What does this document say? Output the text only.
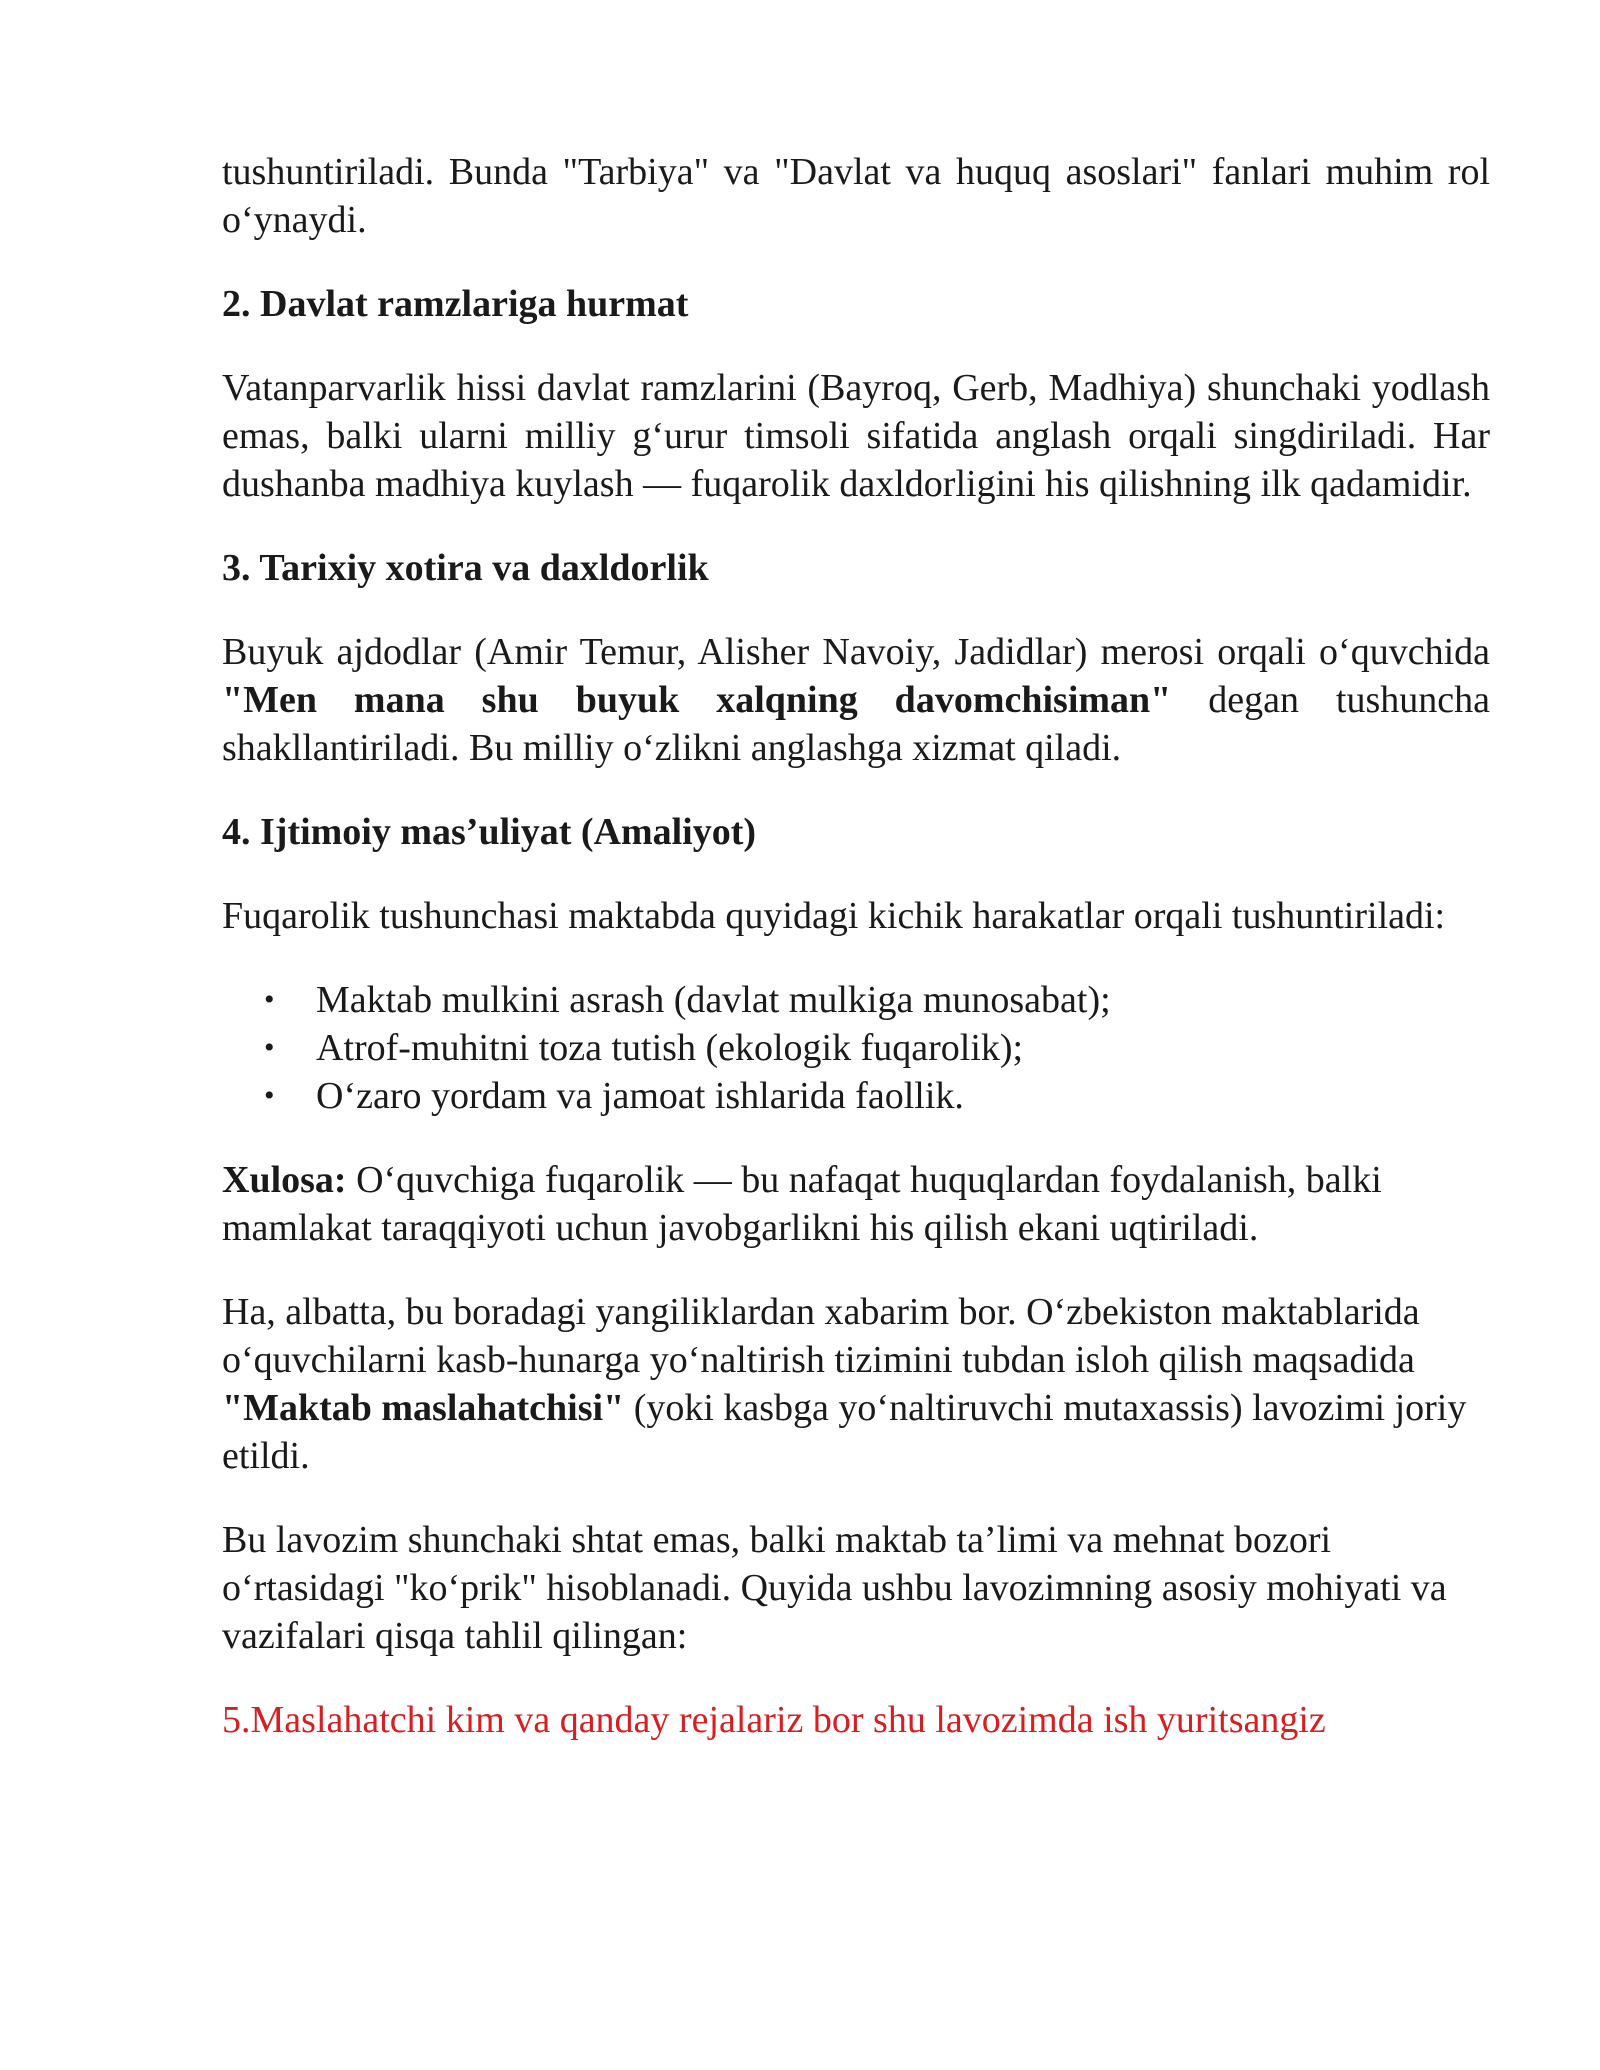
tushuntiriladi. Bunda "Tarbiya" va "Davlat va huquq asoslari" fanlari muhim rol o‘ynaydi.

2. Davlat ramzlariga hurmat

Vatanparvarlik hissi davlat ramzlarini (Bayroq, Gerb, Madhiya) shunchaki yodlash emas, balki ularni milliy g‘urur timsoli sifatida anglash orqali singdiriladi. Har dushanba madhiya kuylash — fuqarolik daxldorligini his qilishning ilk qadamidir.

3. Tarixiy xotira va daxldorlik

Buyuk ajdodlar (Amir Temur, Alisher Navoiy, Jadidlar) merosi orqali o‘quvchida "Men mana shu buyuk xalqning davomchisiman" degan tushuncha shakllantiriladi. Bu milliy o‘zlikni anglashga xizmat qiladi.

4. Ijtimoiy mas’uliyat (Amaliyot)

Fuqarolik tushunchasi maktabda quyidagi kichik harakatlar orqali tushuntiriladi:

• Maktab mulkini asrash (davlat mulkiga munosabat);
• Atrof-muhitni toza tutish (ekologik fuqarolik);
• O‘zaro yordam va jamoat ishlarida faollik.

Xulosa: O‘quvchiga fuqarolik — bu nafaqat huquqlardan foydalanish, balki mamlakat taraqqiyoti uchun javobgarlikni his qilish ekani uqtiriladi.

Ha, albatta, bu boradagi yangiliklardan xabarim bor. O‘zbekiston maktablarida o‘quvchilarni kasb-hunarga yo‘naltirish tizimini tubdan isloh qilish maqsadida "Maktab maslahatchisi" (yoki kasbga yo‘naltiruvchi mutaxassis) lavozimi joriy etildi.

Bu lavozim shunchaki shtat emas, balki maktab ta’limi va mehnat bozori o‘rtasidagi "ko‘prik" hisoblanadi. Quyida ushbu lavozimning asosiy mohiyati va vazifalari qisqa tahlil qilingan:

5.Maslahatchi kim va qanday rejalariz bor shu lavozimda ish yuritsangiz
